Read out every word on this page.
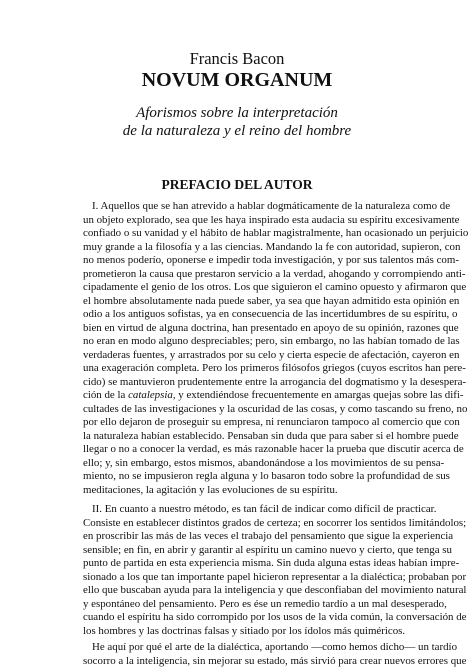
Francis Bacon
NOVUM ORGANUM
Aforismos sobre la interpretación
de la naturaleza y el reino del hombre
PREFACIO DEL AUTOR
I. Aquellos que se han atrevido a hablar dogmáticamente de la naturaleza como de
un objeto explorado, sea que les haya inspirado esta audacia su espíritu excesivamente
confiado o su vanidad y el hábito de hablar magistralmente, han ocasionado un perjuicio
muy grande a la filosofía y a las ciencias. Mandando la fe con autoridad, supieron, con
no menos poderío, oponerse e impedir toda investigación, y por sus talentos más com-
prometieron la causa que prestaron servicio a la verdad, ahogando y corrompiendo anti-
cipadamente el genio de los otros. Los que siguieron el camino opuesto y afirmaron que
el hombre absolutamente nada puede saber, ya sea que hayan admitido esta opinión en
odio a los antiguos sofistas, ya en consecuencia de las incertidumbres de su espíritu, o
bien en virtud de alguna doctrina, han presentado en apoyo de su opinión, razones que
no eran en modo alguno despreciables; pero, sin embargo, no las habían tomado de las
verdaderas fuentes, y arrastrados por su celo y cierta especie de afectación, cayeron en
una exageración completa. Pero los primeros filósofos griegos (cuyos escritos han pere-
cido) se mantuvieron prudentemente entre la arrogancia del dogmatismo y la desespera-
ción de la catalepsia, y extendiéndose frecuentemente en amargas quejas sobre las difi-
cultades de las investigaciones y la oscuridad de las cosas, y como tascando su freno, no
por ello dejaron de proseguir su empresa, ni renunciaron tampoco al comercio que con
la naturaleza habían establecido. Pensaban sin duda que para saber si el hombre puede
llegar o no a conocer la verdad, es más razonable hacer la prueba que discutir acerca de
ello; y, sin embargo, estos mismos, abandonándose a los movimientos de su pensa-
miento, no se impusieron regla alguna y lo basaron todo sobre la profundidad de sus
meditaciones, la agitación y las evoluciones de su espíritu.
II. En cuanto a nuestro método, es tan fácil de indicar como difícil de practicar.
Consiste en establecer distintos grados de certeza; en socorrer los sentidos limitándolos;
en proscribir las más de las veces el trabajo del pensamiento que sigue la experiencia
sensible; en fin, en abrir y garantir al espíritu un camino nuevo y cierto, que tenga su
punto de partida en esta experiencia misma. Sin duda alguna estas ideas habían impre-
sionado a los que tan importante papel hicieron representar a la dialéctica; probaban por
ello que buscaban ayuda para la inteligencia y que desconfiaban del movimiento natural
y espontáneo del pensamiento. Pero es ése un remedio tardío a un mal desesperado,
cuando el espíritu ha sido corrompido por los usos de la vida común, la conversación de
los hombres y las doctrinas falsas y sitiado por los ídolos más quiméricos.
He aquí por qué el arte de la dialéctica, aportando —como hemos dicho— un tardío
socorro a la inteligencia, sin mejorar su estado, más sirvió para crear nuevos errores que
